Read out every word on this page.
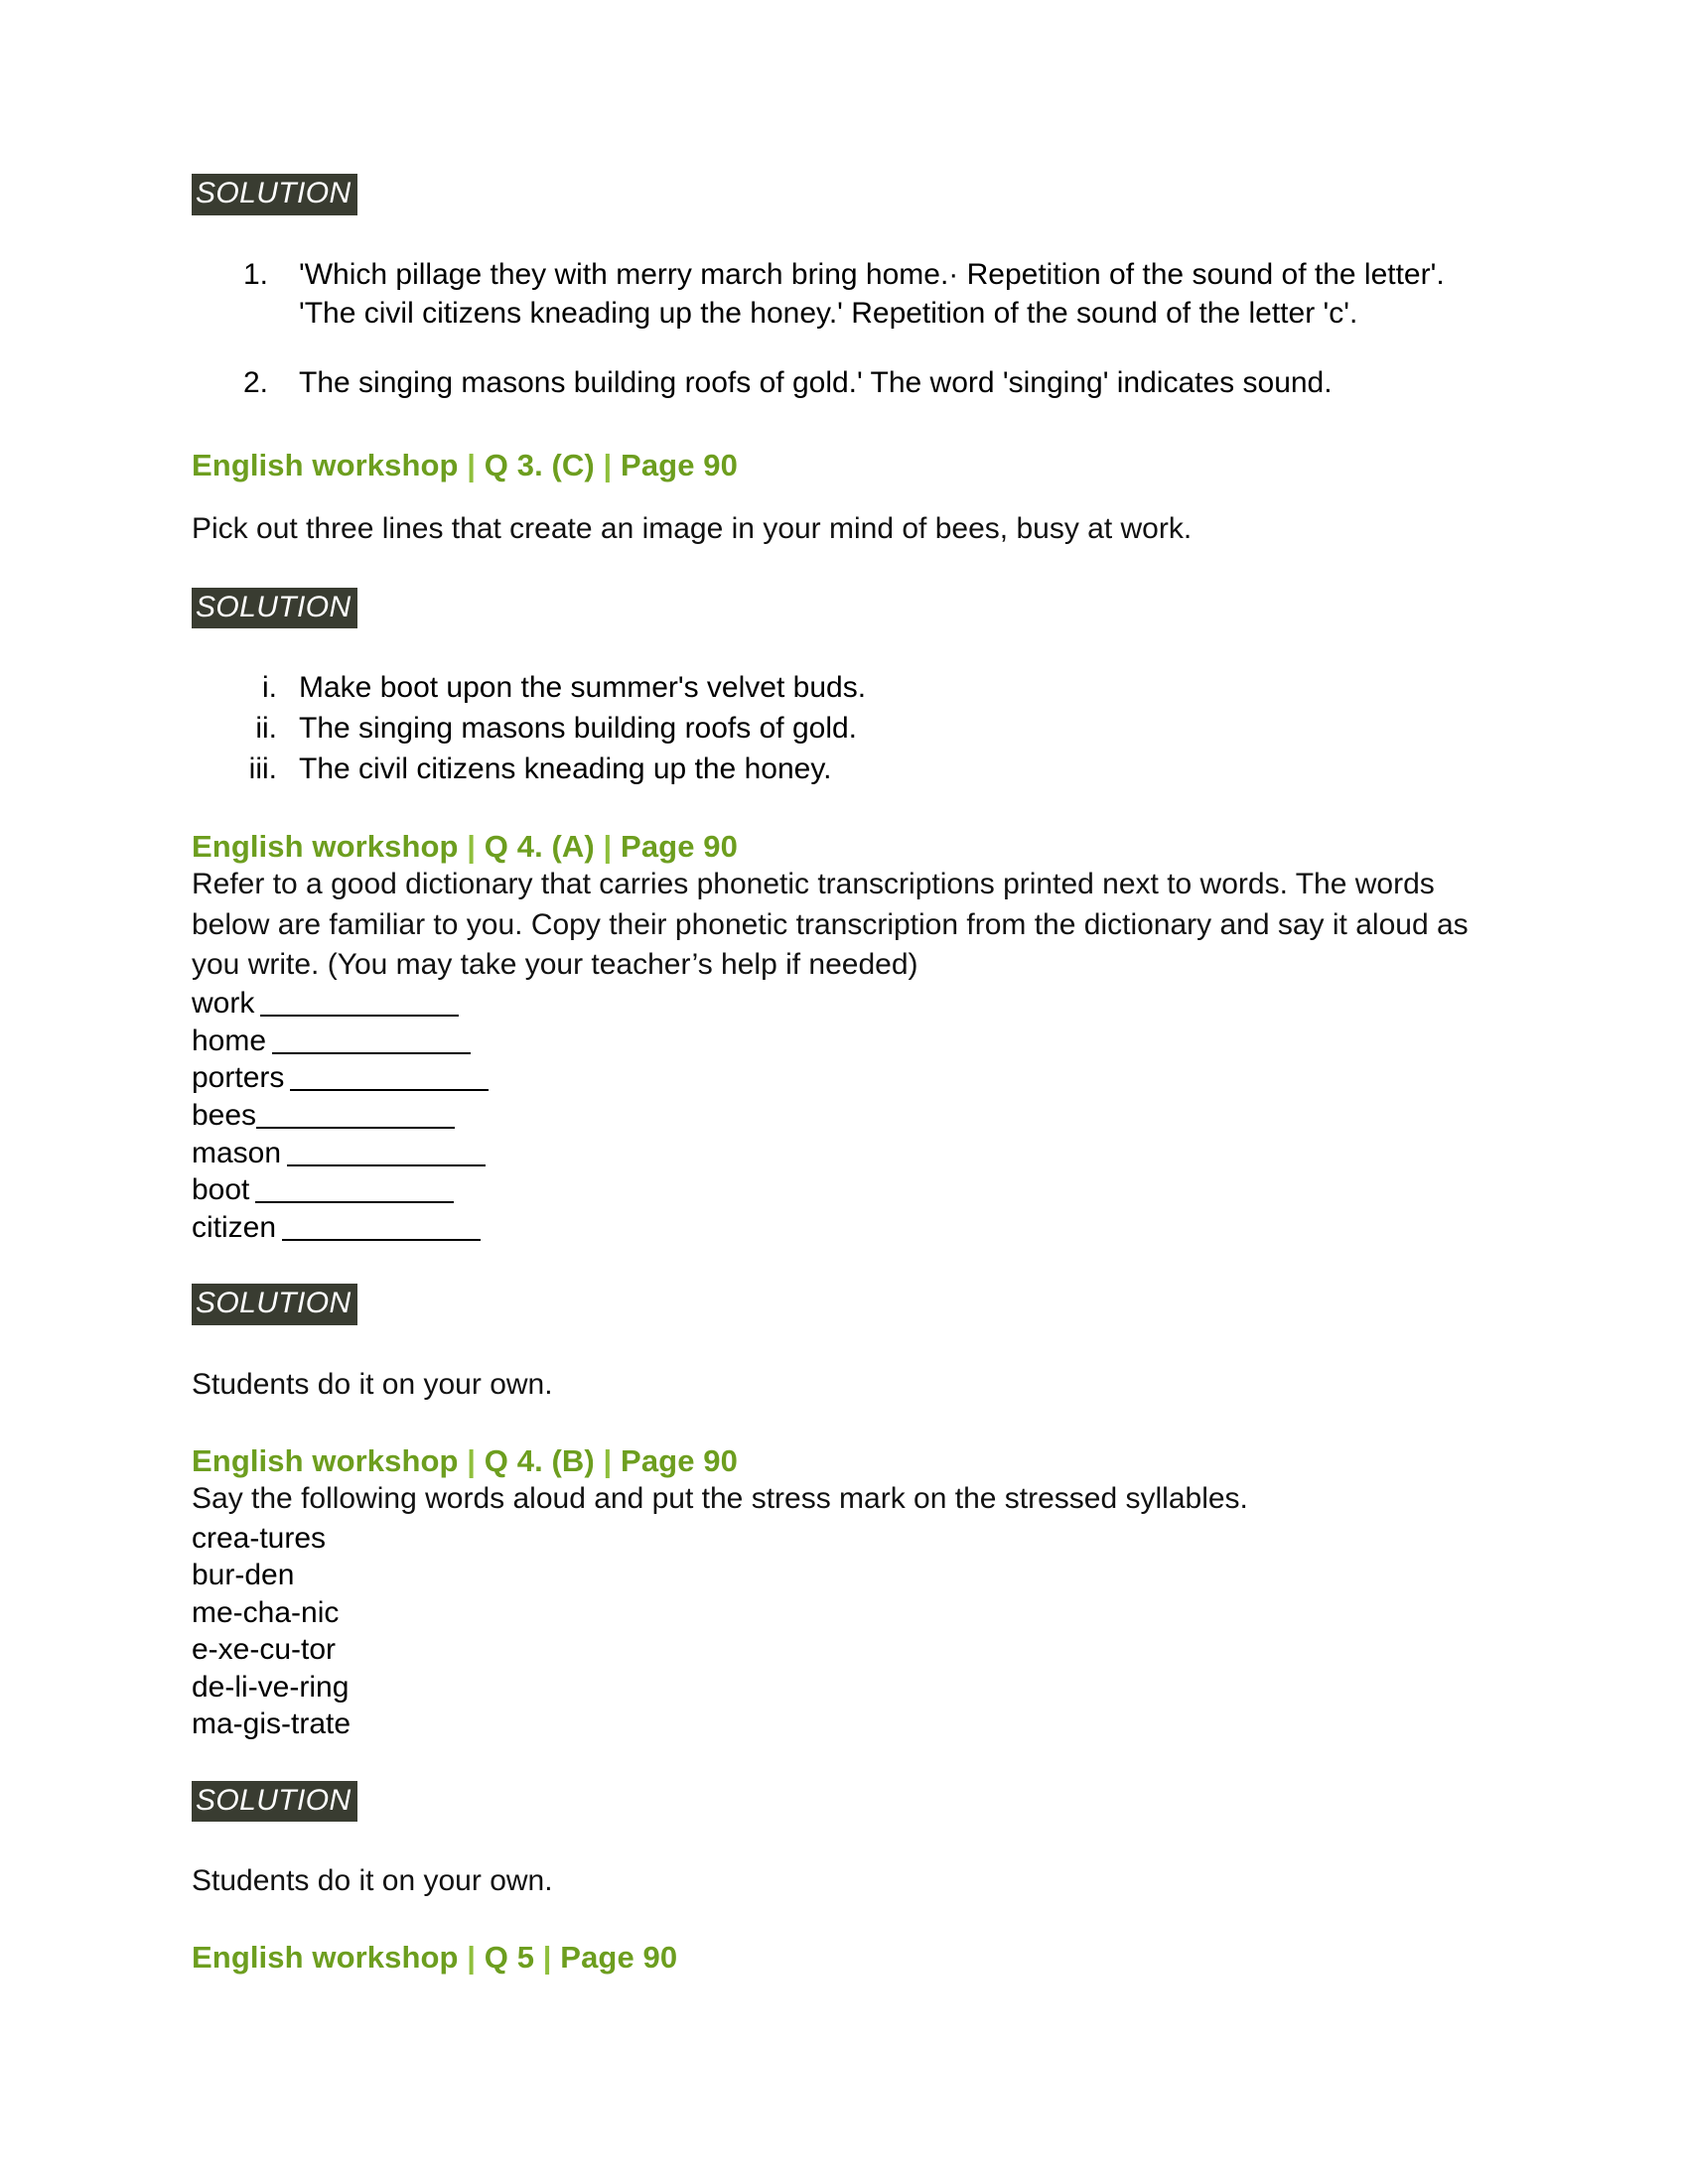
SOLUTION
1.	'Which pillage they with merry march bring home.· Repetition of the sound of the letter'. 'The civil citizens kneading up the honey.' Repetition of the sound of the letter 'c'.
2.	The singing masons building roofs of gold.' The word 'singing' indicates sound.
English workshop | Q 3. (C) | Page 90

Pick out three lines that create an image in your mind of bees, busy at work.

SOLUTION
i. Make boot upon the summer's velvet buds.
ii. The singing masons building roofs of gold.
iii. The civil citizens kneading up the honey.
English workshop | Q 4. (A) | Page 90

Refer to a good dictionary that carries phonetic transcriptions printed next to words. The words below are familiar to you. Copy their phonetic transcription from the dictionary and say it aloud as you write. (You may take your teacher’s help if needed)

work
home
porters
bees
mason
boot
citizen
SOLUTION

Students do it on your own.

English workshop | Q 4. (B) | Page 90

Say the following words aloud and put the stress mark on the stressed syllables.

crea-tures
bur-den
me-cha-nic
e-xe-cu-tor
de-li-ve-ring
ma-gis-trate
SOLUTION

Students do it on your own.

English workshop | Q 5 | Page 90
